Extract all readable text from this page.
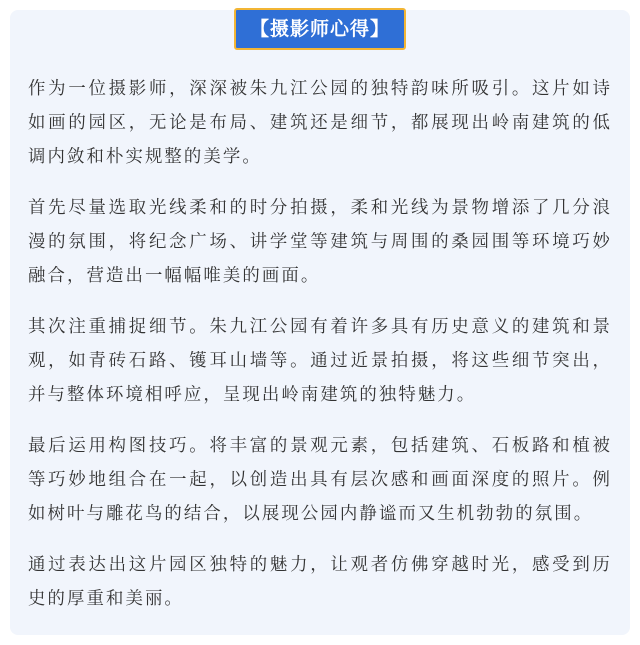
【摄影师心得】

作为一位摄影师，深深被朱九江公园的独特韵味所吸引。这片如诗如画的园区，无论是布局、建筑还是细节，都展现出岭南建筑的低调内敛和朴实规整的美学。

首先尽量选取光线柔和的时分拍摄，柔和光线为景物增添了几分浪漫的氛围，将纪念广场、讲学堂等建筑与周围的桑园围等环境巧妙融合，营造出一幅幅唯美的画面。

其次注重捕捉细节。朱九江公园有着许多具有历史意义的建筑和景观，如青砖石路、镬耳山墙等。通过近景拍摄，将这些细节突出，并与整体环境相呼应，呈现出岭南建筑的独特魅力。

最后运用构图技巧。将丰富的景观元素，包括建筑、石板路和植被等巧妙地组合在一起，以创造出具有层次感和画面深度的照片。例如树叶与雕花鸟的结合，以展现公园内静谧而又生机勃勃的氛围。

通过表达出这片园区独特的魅力，让观者仿佛穿越时光，感受到历史的厚重和美丽。
